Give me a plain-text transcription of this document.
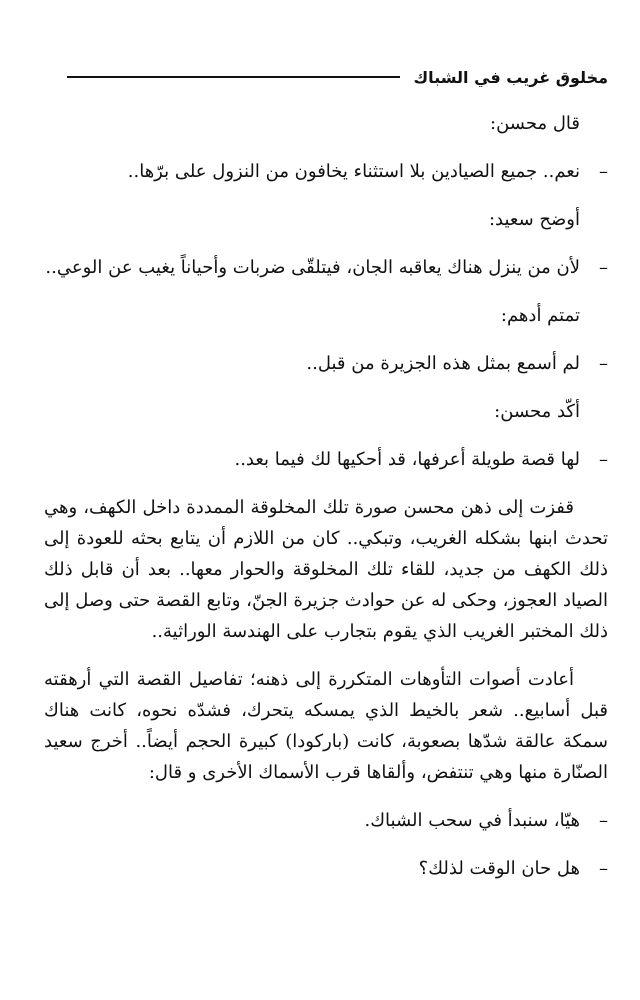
مخلوق غريب في الشباك

قال محسن:

–
نعم.. جميع الصيادين بلا استثناء يخافون من النزول على برّها..

أوضح سعيد:

–
لأن من ينزل هناك يعاقبه الجان، فيتلقّى ضربات وأحياناً يغيب عن الوعي..

تمتم أدهم:

–
لم أسمع بمثل هذه الجزيرة من قبل..

أكّد محسن:

–
لها قصة طويلة أعرفها، قد أحكيها لك فيما بعد..

قفزت إلى ذهن محسن صورة تلك المخلوقة الممددة داخل الكهف، وهي تحدث ابنها بشكله الغريب، وتبكي.. كان من اللازم أن يتابع بحثه للعودة إلى ذلك الكهف من جديد، للقاء تلك المخلوقة والحوار معها.. بعد أن قابل ذلك الصياد العجوز، وحكى له عن حوادث جزيرة الجنّ، وتابع القصة حتى وصل إلى ذلك المختبر الغريب الذي يقوم بتجارب على الهندسة الوراثية..

أعادت أصوات التأوهات المتكررة إلى ذهنه؛ تفاصيل القصة التي أرهقته قبل أسابيع.. شعر بالخيط الذي يمسكه يتحرك، فشدّه نحوه، كانت هناك سمكة عالقة شدّها بصعوبة، كانت (باركودا) كبيرة الحجم أيضاً.. أخرج سعيد الصنّارة منها وهي تنتفض، وألقاها قرب الأسماك الأخرى و قال:

–
هيّا، سنبدأ في سحب الشباك.
–
هل حان الوقت لذلك؟
